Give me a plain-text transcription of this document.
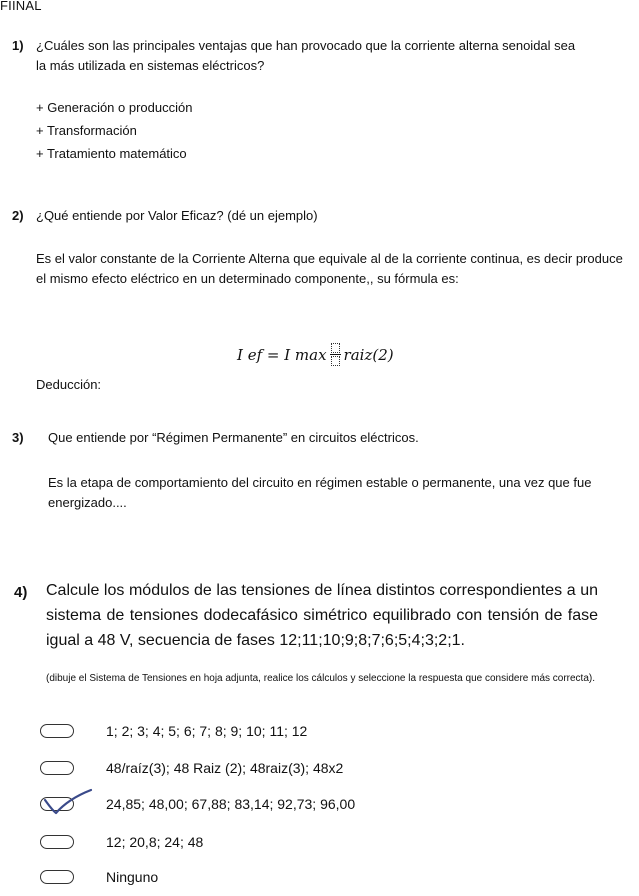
FIINAL
1) ¿Cuáles son las principales ventajas que han provocado que la corriente alterna senoidal sea la más utilizada en sistemas eléctricos?
+ Generación o producción
+ Transformación
+ Tratamiento matemático
2) ¿Qué entiende por Valor Eficaz? (dé un ejemplo)
Es el valor constante de la Corriente Alterna que equivale al de la corriente continua, es decir produce el mismo efecto eléctrico en un determinado componente,, su fórmula es:
I ef = I max raiz(2)
Deducción:
3) Que entiende por “Régimen Permanente” en circuitos eléctricos.
Es la etapa de comportamiento del circuito en régimen estable o permanente, una vez que fue energizado....
4) Calcule los módulos de las tensiones de línea distintos correspondientes a un sistema de tensiones dodecafásico simétrico equilibrado con tensión de fase igual a 48 V, secuencia de fases 12;11;10;9;8;7;6;5;4;3;2;1.
(dibuje el Sistema de Tensiones en hoja adjunta, realice los cálculos y seleccione la respuesta que considere más correcta).
1; 2; 3; 4; 5; 6; 7; 8; 9; 10; 11; 12
48/raíz(3); 48 Raiz (2); 48raiz(3); 48x2
24,85; 48,00; 67,88; 83,14; 92,73; 96,00
12; 20,8; 24; 48
Ninguno
